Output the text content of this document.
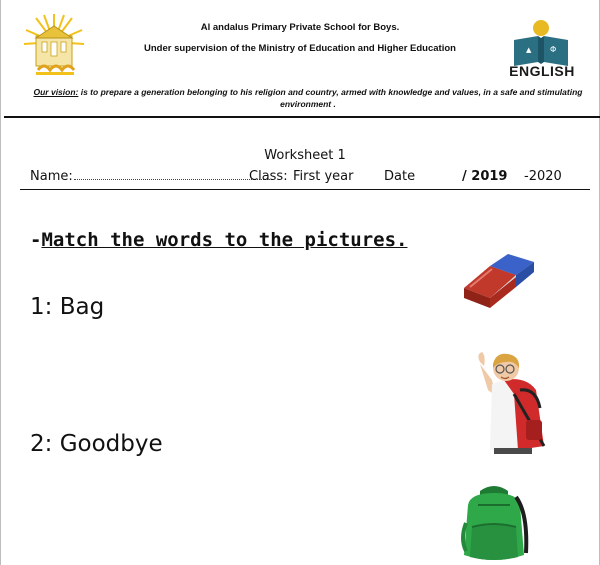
Φ
▲
ENGLISH
Al andalus Primary Private School for Boys.
Under supervision of the Ministry of Education and Higher Education
Our vision: is to prepare a generation belonging to his religion and country, armed with knowledge and values, in a safe and stimulating environment .
Worksheet 1
Name:	Class: First year Date	/ 2019 -2020
-Match the words to the pictures.
1: Bag
2: Goodbye
